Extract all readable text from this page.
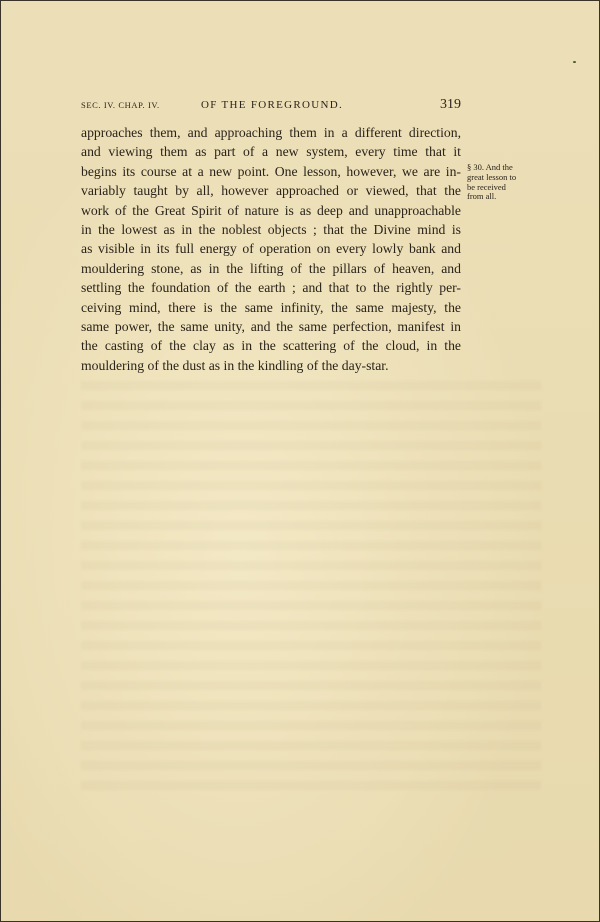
SEC. IV. CHAP. IV.	OF THE FOREGROUND.	319

approaches them, and approaching them in a different direction,
and viewing them as part of a new system, every time that it
begins its course at a new point. One lesson, however, we are in-
variably taught by all, however approached or viewed, that the
work of the Great Spirit of nature is as deep and unapproachable
in the lowest as in the noblest objects ; that the Divine mind is
as visible in its full energy of operation on every lowly bank and
mouldering stone, as in the lifting of the pillars of heaven, and
settling the foundation of the earth ; and that to the rightly per-
ceiving mind, there is the same infinity, the same majesty, the
same power, the same unity, and the same perfection, manifest in
the casting of the clay as in the scattering of the cloud, in the
mouldering of the dust as in the kindling of the day-star.

§ 30. And the
great lesson to
be received
from all.
